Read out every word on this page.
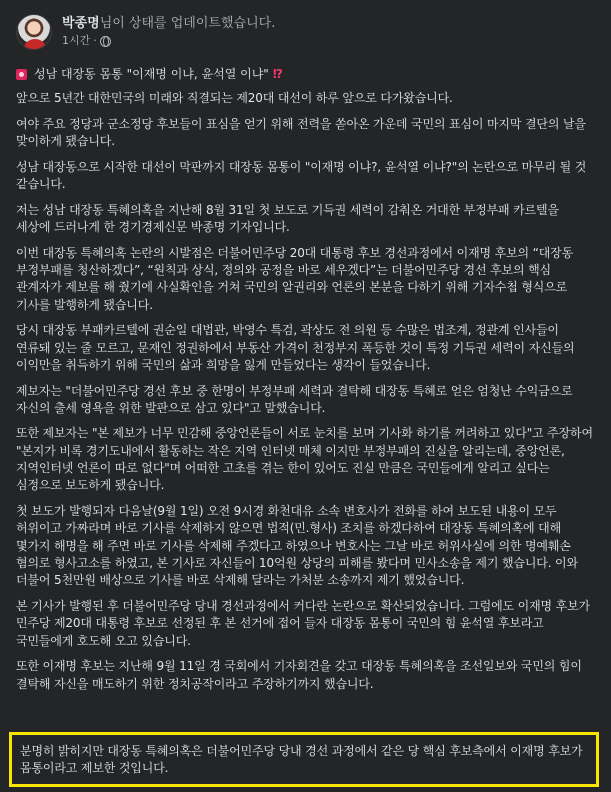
박종명님이 상태를 업데이트했습니다.
1시간 ·
성남 대장동 몸통 "이재명 이냐, 윤석열 이냐" ⁉

앞으로 5년간 대한민국의 미래와 직결되는 제20대 대선이 하루 앞으로 다가왔습니다.

여야 주요 정당과 군소정당 후보들이 표심을 얻기 위해 전력을 쏟아온 가운데 국민의 표심이 마지막 결단의 날을 맞이하게 됐습니다.

성남 대장동으로 시작한 대선이 막판까지 대장동 몸통이 "이재명 이냐?, 윤석열 이냐?"의 논란으로 마무리 될 것 같습니다.

저는 성남 대장동 특혜의혹을 지난해 8월 31일 첫 보도로 기득권 세력이 감춰온 거대한 부정부패 카르텔을 세상에 드러나게 한 경기경제신문 박종명 기자입니다.

이번 대장동 특혜의혹 논란의 시발점은 더불어민주당 20대 대통령 후보 경선과정에서 이재명 후보의 “대장동 부정부패를 청산하겠다”, “원칙과 상식, 정의와 공정을 바로 세우겠다”는 더불어민주당 경선 후보의 핵심 관계자가 제보를 해 줬기에 사실확인을 거쳐 국민의 알권리와 언론의 본분을 다하기 위해 기자수첩 형식으로 기사를 발행하게 됐습니다.

당시 대장동 부패카르텔에 권순일 대법관, 박영수 특검, 곽상도 전 의원 등 수많은 법조계, 정관계 인사들이 연류돼 있는 줄 모르고, 문재인 정권하에서 부동산 가격이 천정부지 폭등한 것이 특정 기득권 세력이 자신들의 이익만을 취득하기 위해 국민의 삶과 희망을 잃게 만들었다는 생각이 들었습니다.

제보자는 "더불어민주당 경선 후보 중 한명이 부정부패 세력과 결탁해 대장동 특혜로 얻은 엄청난 수익금으로 자신의 출세 영욕을 위한 발판으로 삼고 있다"고 말했습니다.

또한 제보자는 "본 제보가 너무 민감해 중앙언론들이 서로 눈치를 보며 기사화 하기를 꺼려하고 있다"고 주장하여 "본지가 비록 경기도내에서 활동하는 작은 지역 인터넷 매체 이지만 부정부패의 진실을 알리는데, 중앙언론, 지역인터넷 언론이 따로 없다"며 어떠한 고초를 겪는 한이 있어도 진실 만큼은 국민들에게 알리고 싶다는 심정으로 보도하게 됐습니다.

첫 보도가 발행되자 다음날(9월 1일) 오전 9시경 화천대유 소속 변호사가 전화를 하여 보도된 내용이 모두 허위이고 가짜라며 바로 기사를 삭제하지 않으면 법적(민.형사) 조치를 하겠다하여 대장동 특혜의혹에 대해 몇가지 해명을 해 주면 바로 기사를 삭제해 주겠다고 하였으나 변호사는 그날 바로 허위사실에 의한 명예훼손 혐의로 형사고소를 하였고, 본 기사로 자신들이 10억원 상당의 피해를 봤다며 민사소송을 제기 했습니다. 이와 더불어 5천만원 배상으로 기사를 바로 삭제해 달라는 가처분 소송까지 제기 했었습니다.

본 기사가 발행된 후 더불어민주당 당내 경선과정에서 커다란 논란으로 확산되었습니다. 그럼에도 이재명 후보가 민주당 제20대 대통령 후보로 선정된 후 본 선거에 접어 들자 대장동 몸통이 국민의 힘 윤석열 후보라고 국민들에게 호도해 오고 있습니다.

또한 이재명 후보는 지난해 9월 11일 경 국회에서 기자회견을 갖고 대장동 특혜의혹을 조선일보와 국민의 힘이 결탁해 자신을 매도하기 위한 정치공작이라고 주장하기까지 했습니다.

분명히 밝히지만 대장동 특혜의혹은 더불어민주당 당내 경선 과정에서 같은 당 핵심 후보측에서 이재명 후보가 몸통이라고 제보한 것입니다.
